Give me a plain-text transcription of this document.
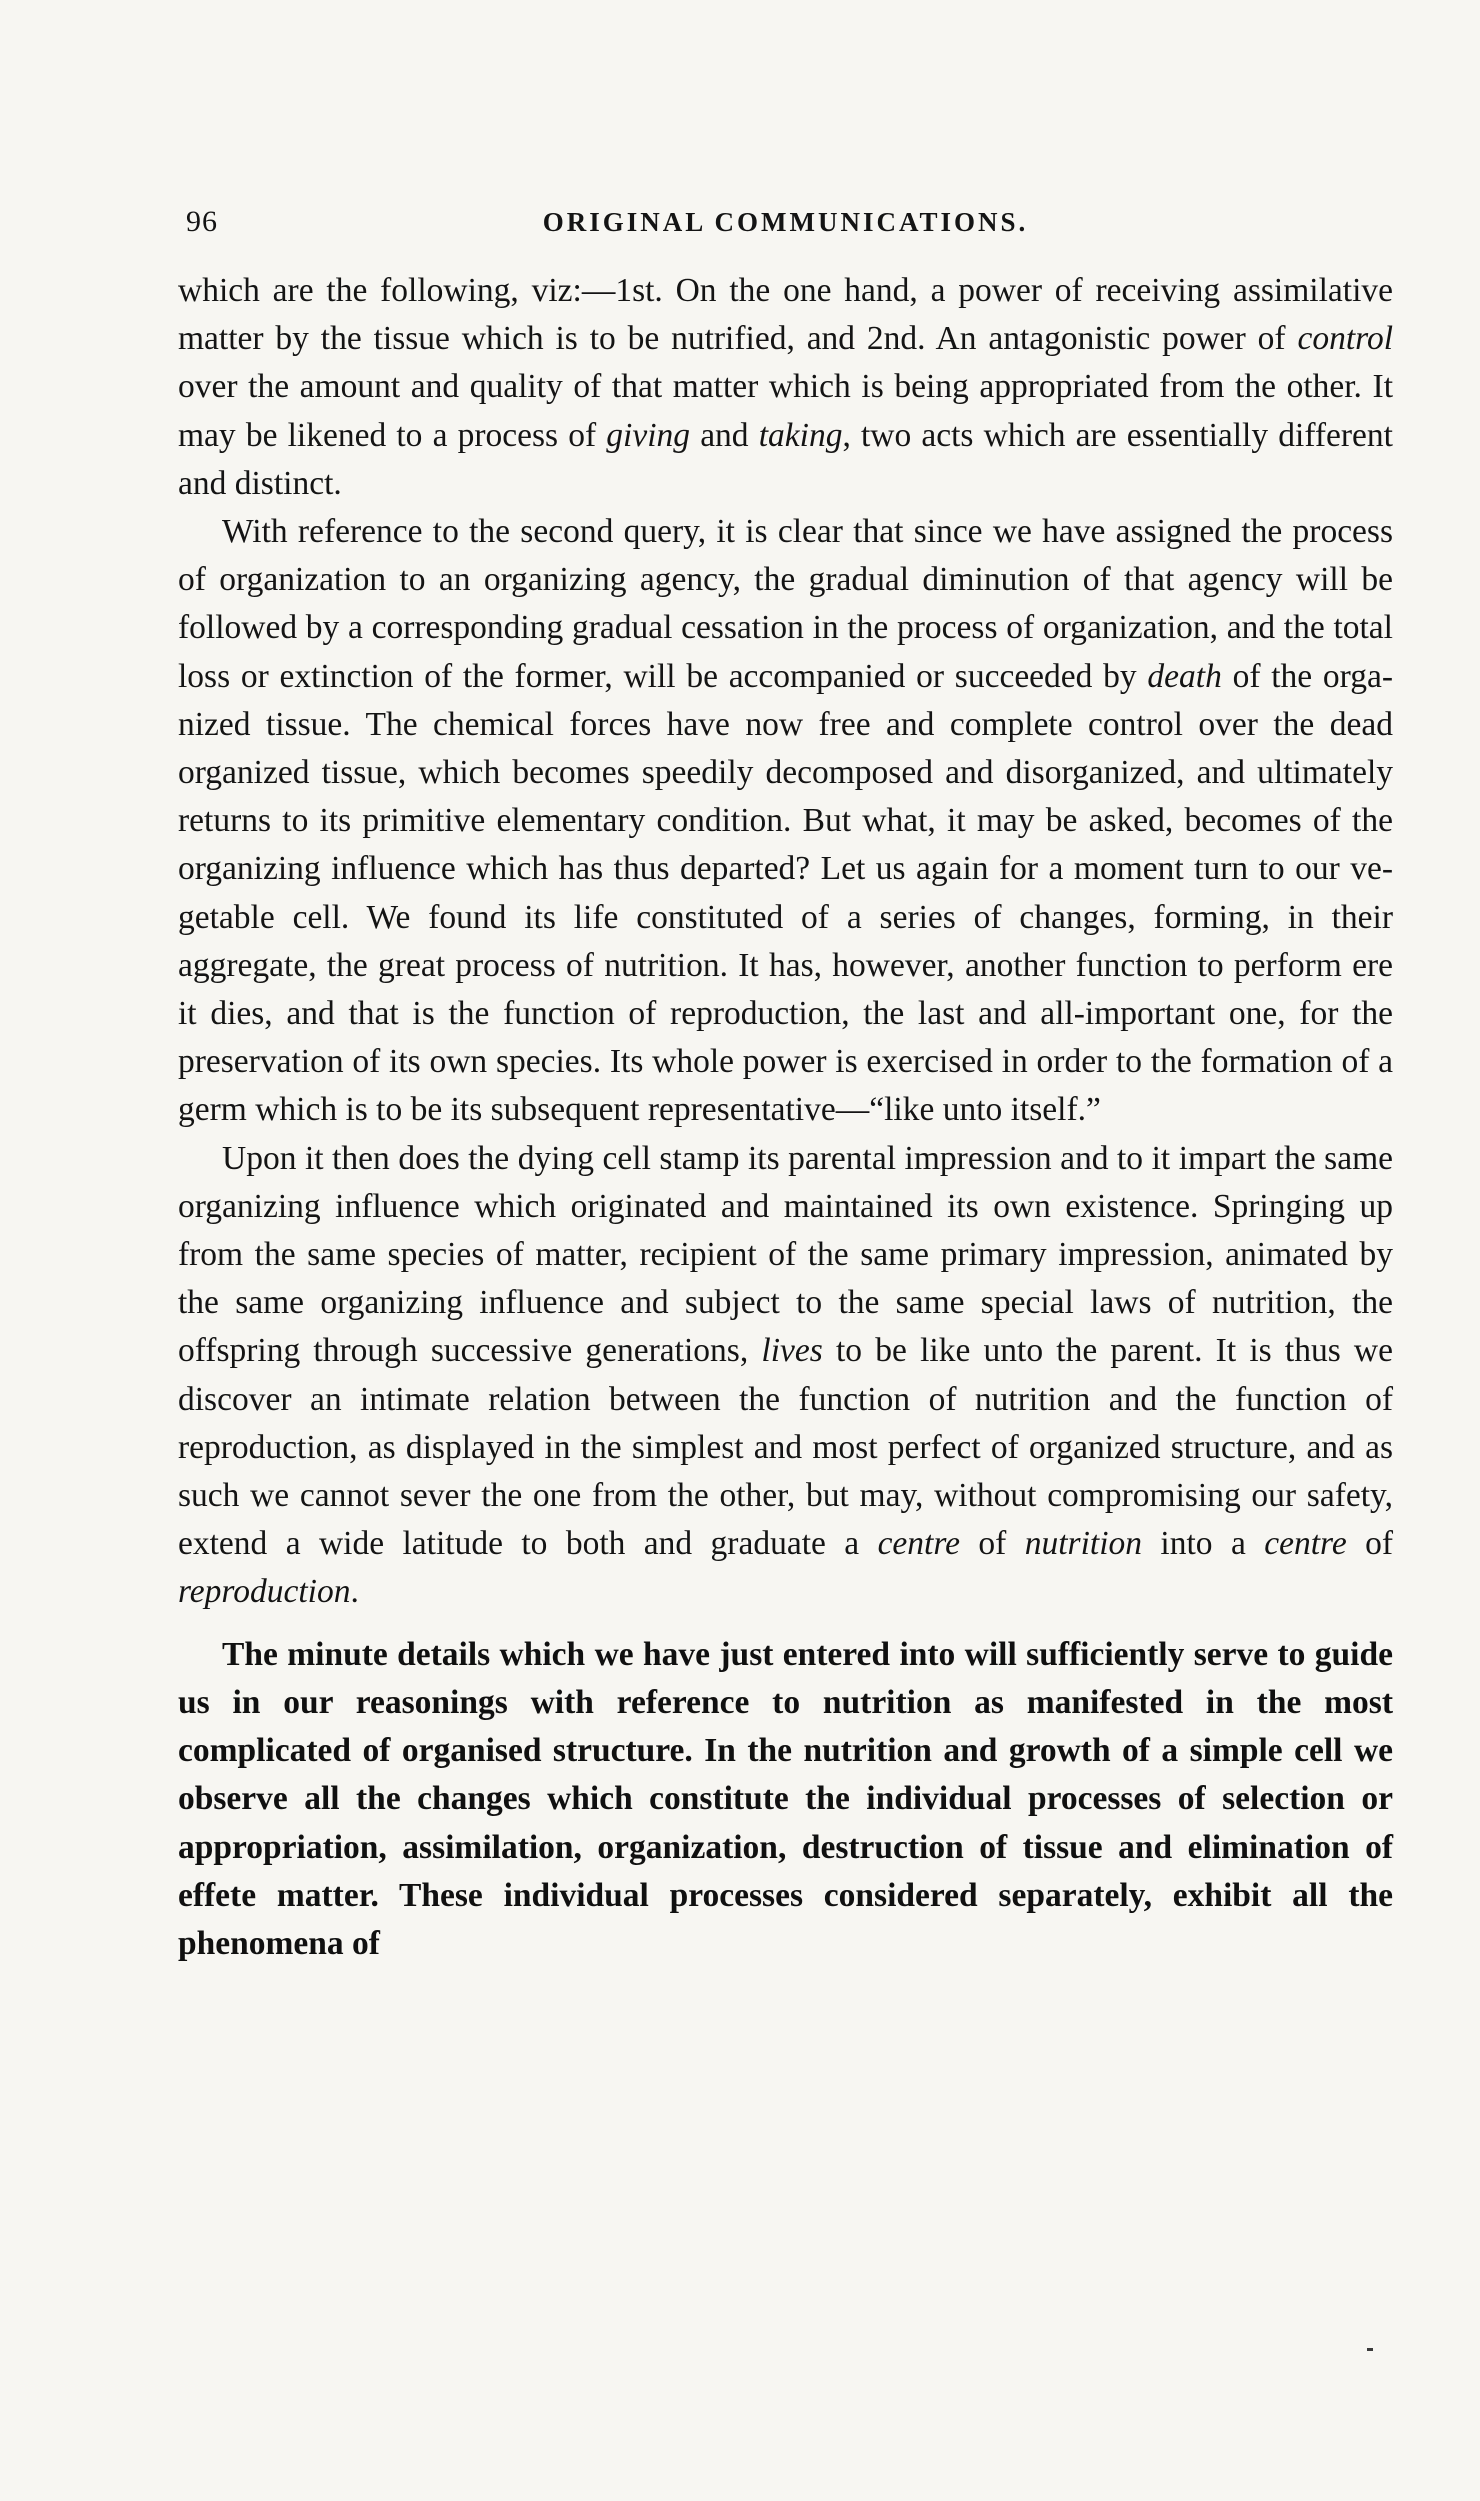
96	ORIGINAL COMMUNICATIONS.

which are the following, viz:—1st. On the one hand, a power of receiving assimilative matter by the tissue which is to be nutrified, and 2nd. An antagonistic power of control over the amount and quality of that matter which is being appropriated from the other. It may be likened to a process of giving and taking, two acts which are essentially different and distinct.

With reference to the second query, it is clear that since we have assigned the process of organization to an organizing agency, the gradual diminution of that agency will be followed by a corresponding gradual cessation in the process of organization, and the total loss or extinction of the former, will be accompanied or succeeded by death of the organized tissue. The chemical forces have now free and complete control over the dead organized tissue, which becomes speedily decomposed and disorganized, and ultimately returns to its primitive elementary condition. But what, it may be asked, becomes of the organizing influence which has thus departed? Let us again for a moment turn to our vegetable cell. We found its life constituted of a series of changes, forming, in their aggregate, the great process of nutrition. It has, however, another function to perform ere it dies, and that is the function of reproduction, the last and all-important one, for the preservation of its own species. Its whole power is exercised in order to the formation of a germ which is to be its subsequent representative—“like unto itself.”

Upon it then does the dying cell stamp its parental impression and to it impart the same organizing influence which originated and maintained its own existence. Springing up from the same species of matter, recipient of the same primary impression, animated by the same organizing influence and subject to the same special laws of nutrition, the offspring through successive generations, lives to be like unto the parent. It is thus we discover an intimate relation between the function of nutrition and the function of reproduction, as displayed in the simplest and most perfect of organized structure, and as such we cannot sever the one from the other, but may, without compromising our safety, extend a wide latitude to both and graduate a centre of nutrition into a centre of reproduction.

The minute details which we have just entered into will sufficiently serve to guide us in our reasonings with reference to nutrition as manifested in the most complicated of organised structure. In the nutrition and growth of a simple cell we observe all the changes which constitute the individual processes of selection or appropriation, assimilation, organization, destruction of tissue and elimination of effete matter. These individual processes considered separately, exhibit all the phenomena of
